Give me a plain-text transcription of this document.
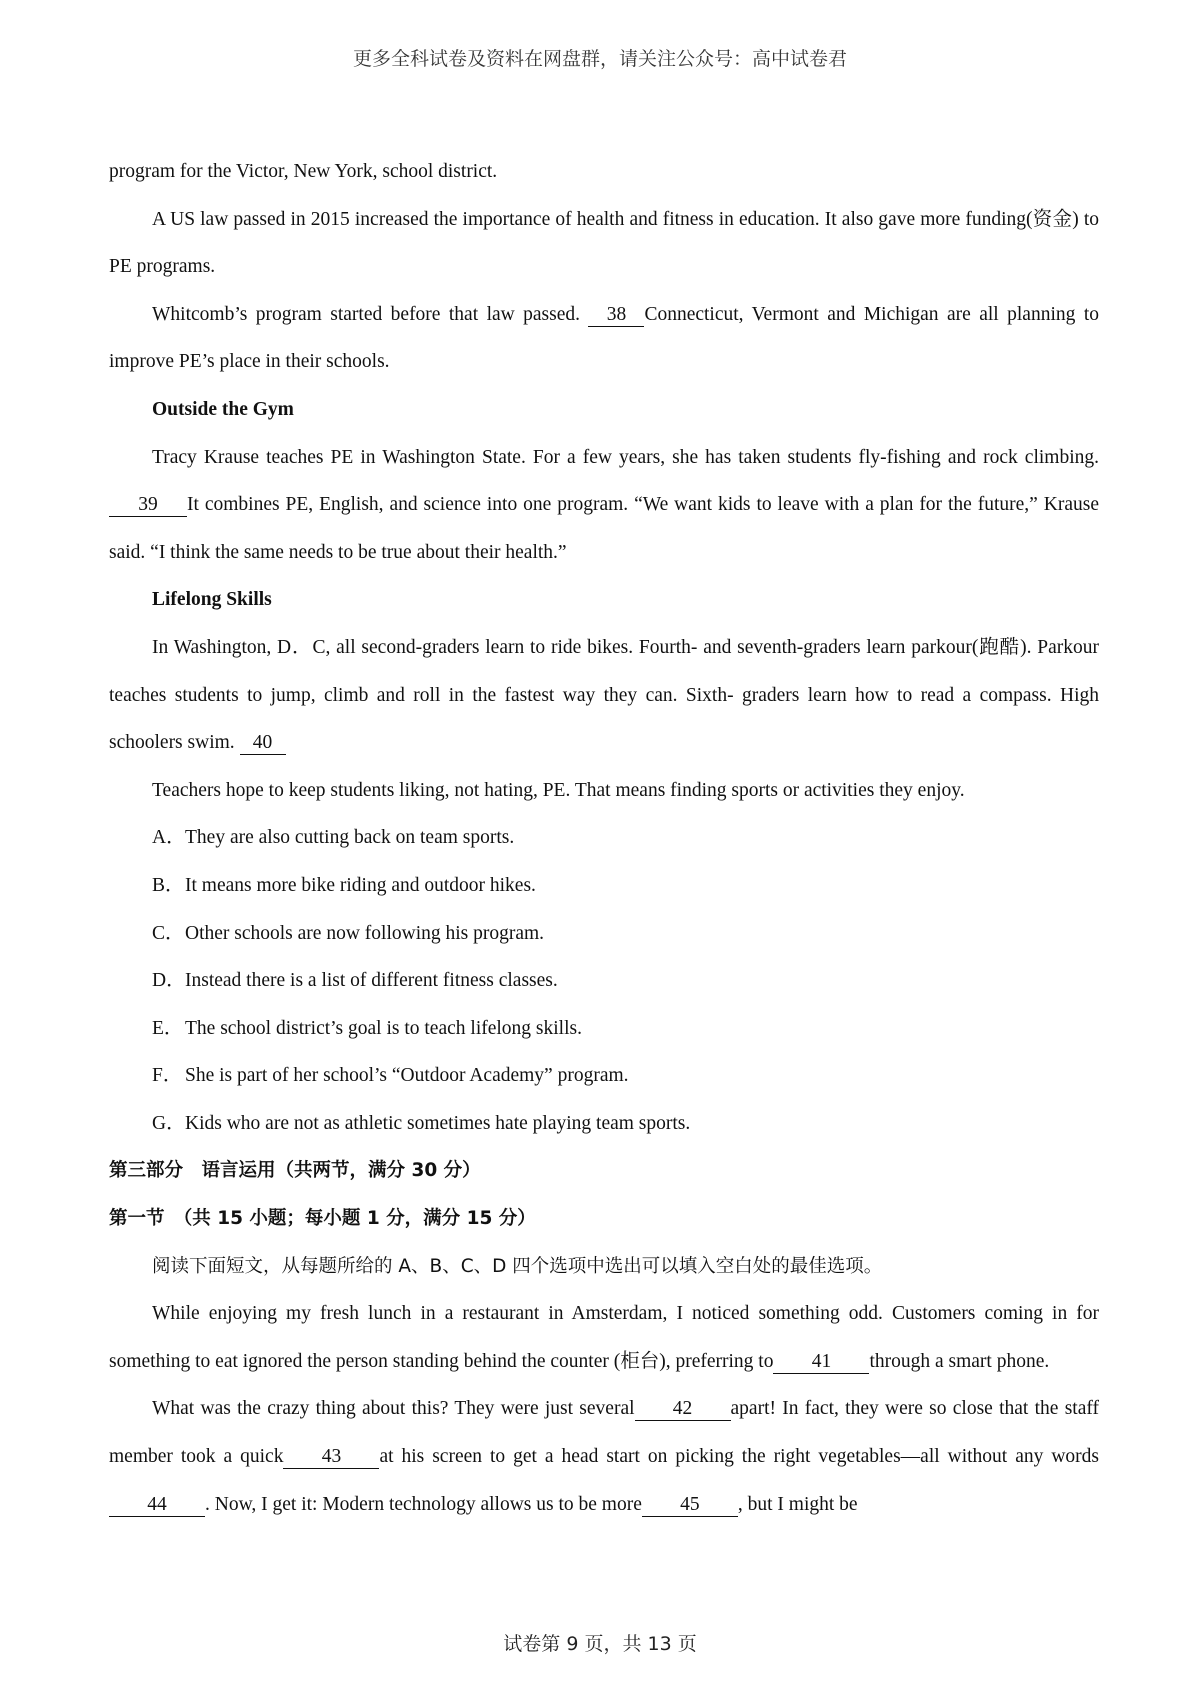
更多全科试卷及资料在网盘群，请关注公众号：高中试卷君

program for the Victor, New York, school district.

A US law passed in 2015 increased the importance of health and fitness in education. It also gave more funding(资金) to PE programs.

Whitcomb’s program started before that law passed. 38 Connecticut, Vermont and Michigan are all planning to improve PE’s place in their schools.

Outside the Gym

Tracy Krause teaches PE in Washington State. For a few years, she has taken students fly-fishing and rock climbing. 39 It combines PE, English, and science into one program. “We want kids to leave with a plan for the future,” Krause said. “I think the same needs to be true about their health.”

Lifelong Skills

In Washington, D．C, all second-graders learn to ride bikes. Fourth- and seventh-graders learn parkour(跑酷). Parkour teaches students to jump, climb and roll in the fastest way they can. Sixth- graders learn how to read a compass. High schoolers swim. 40

Teachers hope to keep students liking, not hating, PE. That means finding sports or activities they enjoy.

A．They are also cutting back on team sports.

B．It means more bike riding and outdoor hikes.

C．Other schools are now following his program.

D．Instead there is a list of different fitness classes.

E．The school district’s goal is to teach lifelong skills.

F． She is part of her school’s “Outdoor Academy” program.

G．Kids who are not as athletic sometimes hate playing team sports.

第三部分　语言运用（共两节，满分 30 分）

第一节　（共 15 小题；每小题 1 分，满分 15 分）

阅读下面短文，从每题所给的 A、B、C、D 四个选项中选出可以填入空白处的最佳选项。

While enjoying my fresh lunch in a restaurant in Amsterdam, I noticed something odd. Customers coming in for something to eat ignored the person standing behind the counter (柜台), preferring to 41 through a smart phone.

What was the crazy thing about this? They were just several 42 apart! In fact, they were so close that the staff member took a quick 43 at his screen to get a head start on picking the right vegetables—all without any words44 . Now, I get it: Modern technology allows us to be more 45 , but I might be

试卷第 9 页，共 13 页
